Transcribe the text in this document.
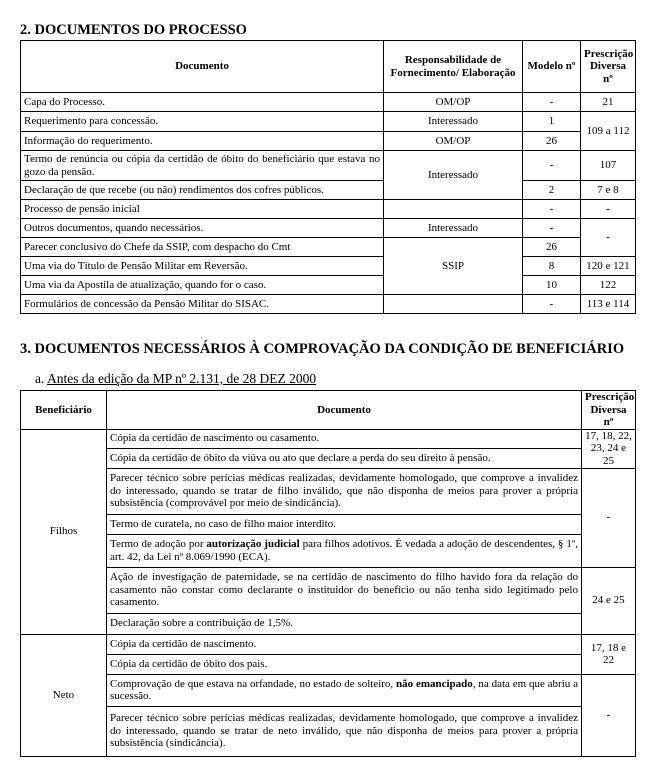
2. DOCUMENTOS DO PROCESSO
Documento	Responsabilidade de Fornecimento/ Elaboração	Modelo nº	Prescrição Diversa nº
Capa do Processo.	OM/OP	-	21
Requerimento para concessão.	Interessado	1	109 a 112
Informação do requerimento.	OM/OP	26	
Termo de renúncia ou cópia da certidão de óbito do beneficiário que estava no gozo da pensão.	Interessado	-	107
Declaração de que recebe (ou não) rendimentos dos cofres públicos.		2	7 e 8
Processo de pensão inicial		-	-
Outros documentos, quando necessários.	Interessado	-	-
Parecer conclusivo do Chefe da SSIP, com despacho do Cmt	SSIP	26	
Uma via do Título de Pensão Militar em Reversão.		8	120 e 121
Uma via da Apostila de atualização, quando for o caso.		10	122
Formulários de concessão da Pensão Militar do SISAC.		-	113 e 114
3. DOCUMENTOS NECESSÁRIOS À COMPROVAÇÃO DA CONDIÇÃO DE BENEFICIÁRIO
a. Antes da edição da MP nº 2.131, de 28 DEZ 2000
Beneficiário	Documento	Prescrição Diversa nº
Filhos	Cópia da certidão de nascimento ou casamento.	17, 18, 22, 23, 24 e 25
	Cópia da certidão de óbito da viúva ou ato que declare a perda do seu direito à pensão.	
	Parecer técnico sobre perícias médicas realizadas, devidamente homologado, que comprove a invalidez do interessado, quando se tratar de filho inválido, que não disponha de meios para prover a própria subsistência (comprovável por meio de sindicância).	-
	Termo de curatela, no caso de filho maior interdito.	
	Termo de adoção por autorização judicial para filhos adotivos. É vedada a adoção de descendentes, § 1º, art. 42, da Lei nº 8.069/1990 (ECA).	
	Ação de investigação de paternidade, se na certidão de nascimento do filho havido fora da relação do casamento não constar como declarante o instituidor do benefício ou não tenha sido legitimado pelo casamento.	24 e 25
	Declaração sobre a contribuição de 1,5%.	
Neto	Cópia da certidão de nascimento.	17, 18 e 22
	Cópia da certidão de óbito dos pais.	
	Comprovação de que estava na orfandade, no estado de solteiro, não emancipado, na data em que abriu a sucessão.	-
	Parecer técnico sobre perícias médicas realizadas, devidamente homologado, que comprove a invalidez do interessado, quando se tratar de neto inválido, que não disponha de meios para prover a própria subsistência (sindicância).	
